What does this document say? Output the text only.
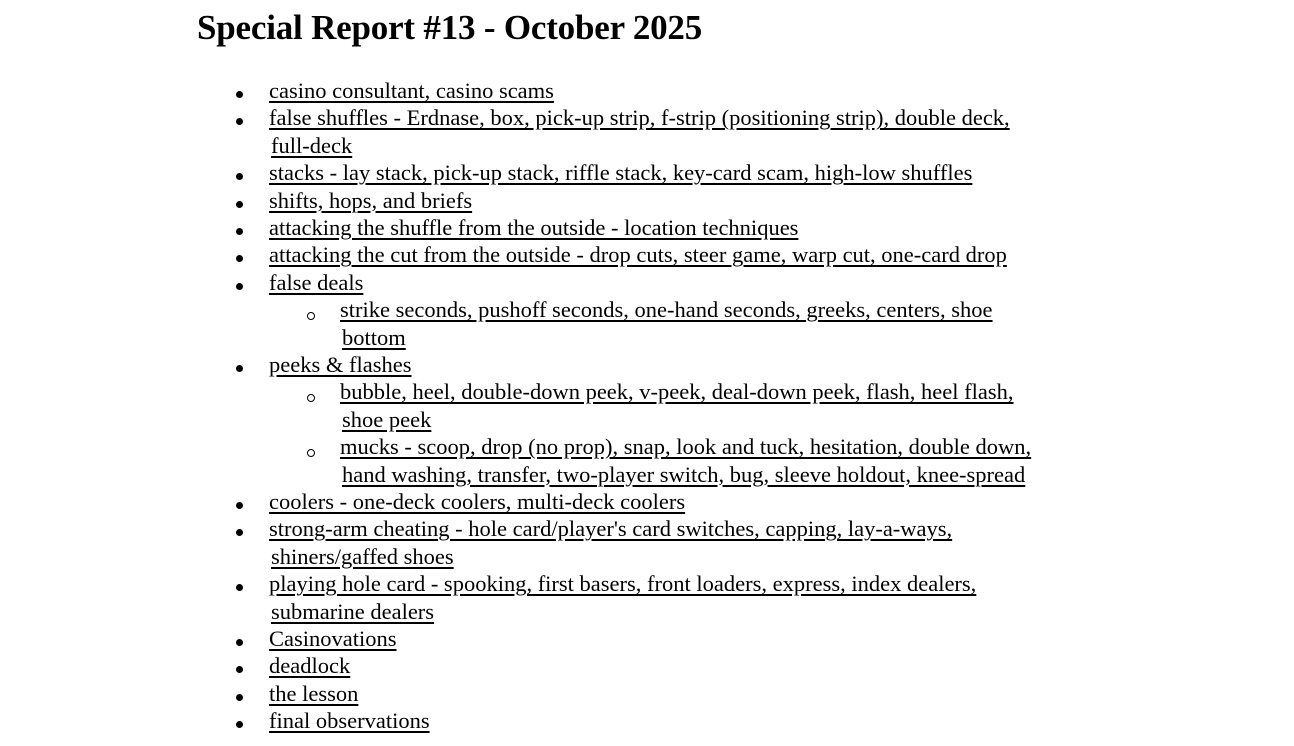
Special Report #13 - October 2025
casino consultant, casino scams
false shuffles - Erdnase, box, pick-up strip, f-strip (positioning strip), double deck,
full-deck
stacks - lay stack, pick-up stack, riffle stack, key-card scam, high-low shuffles
shifts, hops, and briefs
attacking the shuffle from the outside - location techniques
attacking the cut from the outside - drop cuts, steer game, warp cut, one-card drop
false deals
strike seconds, pushoff seconds, one-hand seconds, greeks, centers, shoe
bottom
peeks & flashes
bubble, heel, double-down peek, v-peek, deal-down peek, flash, heel flash,
shoe peek
mucks - scoop, drop (no prop), snap, look and tuck, hesitation, double down,
hand washing, transfer, two-player switch, bug, sleeve holdout, knee-spread
coolers - one-deck coolers, multi-deck coolers
strong-arm cheating - hole card/player's card switches, capping, lay-a-ways,
shiners/gaffed shoes
playing hole card - spooking, first basers, front loaders, express, index dealers,
submarine dealers
Casinovations
deadlock
the lesson
final observations
